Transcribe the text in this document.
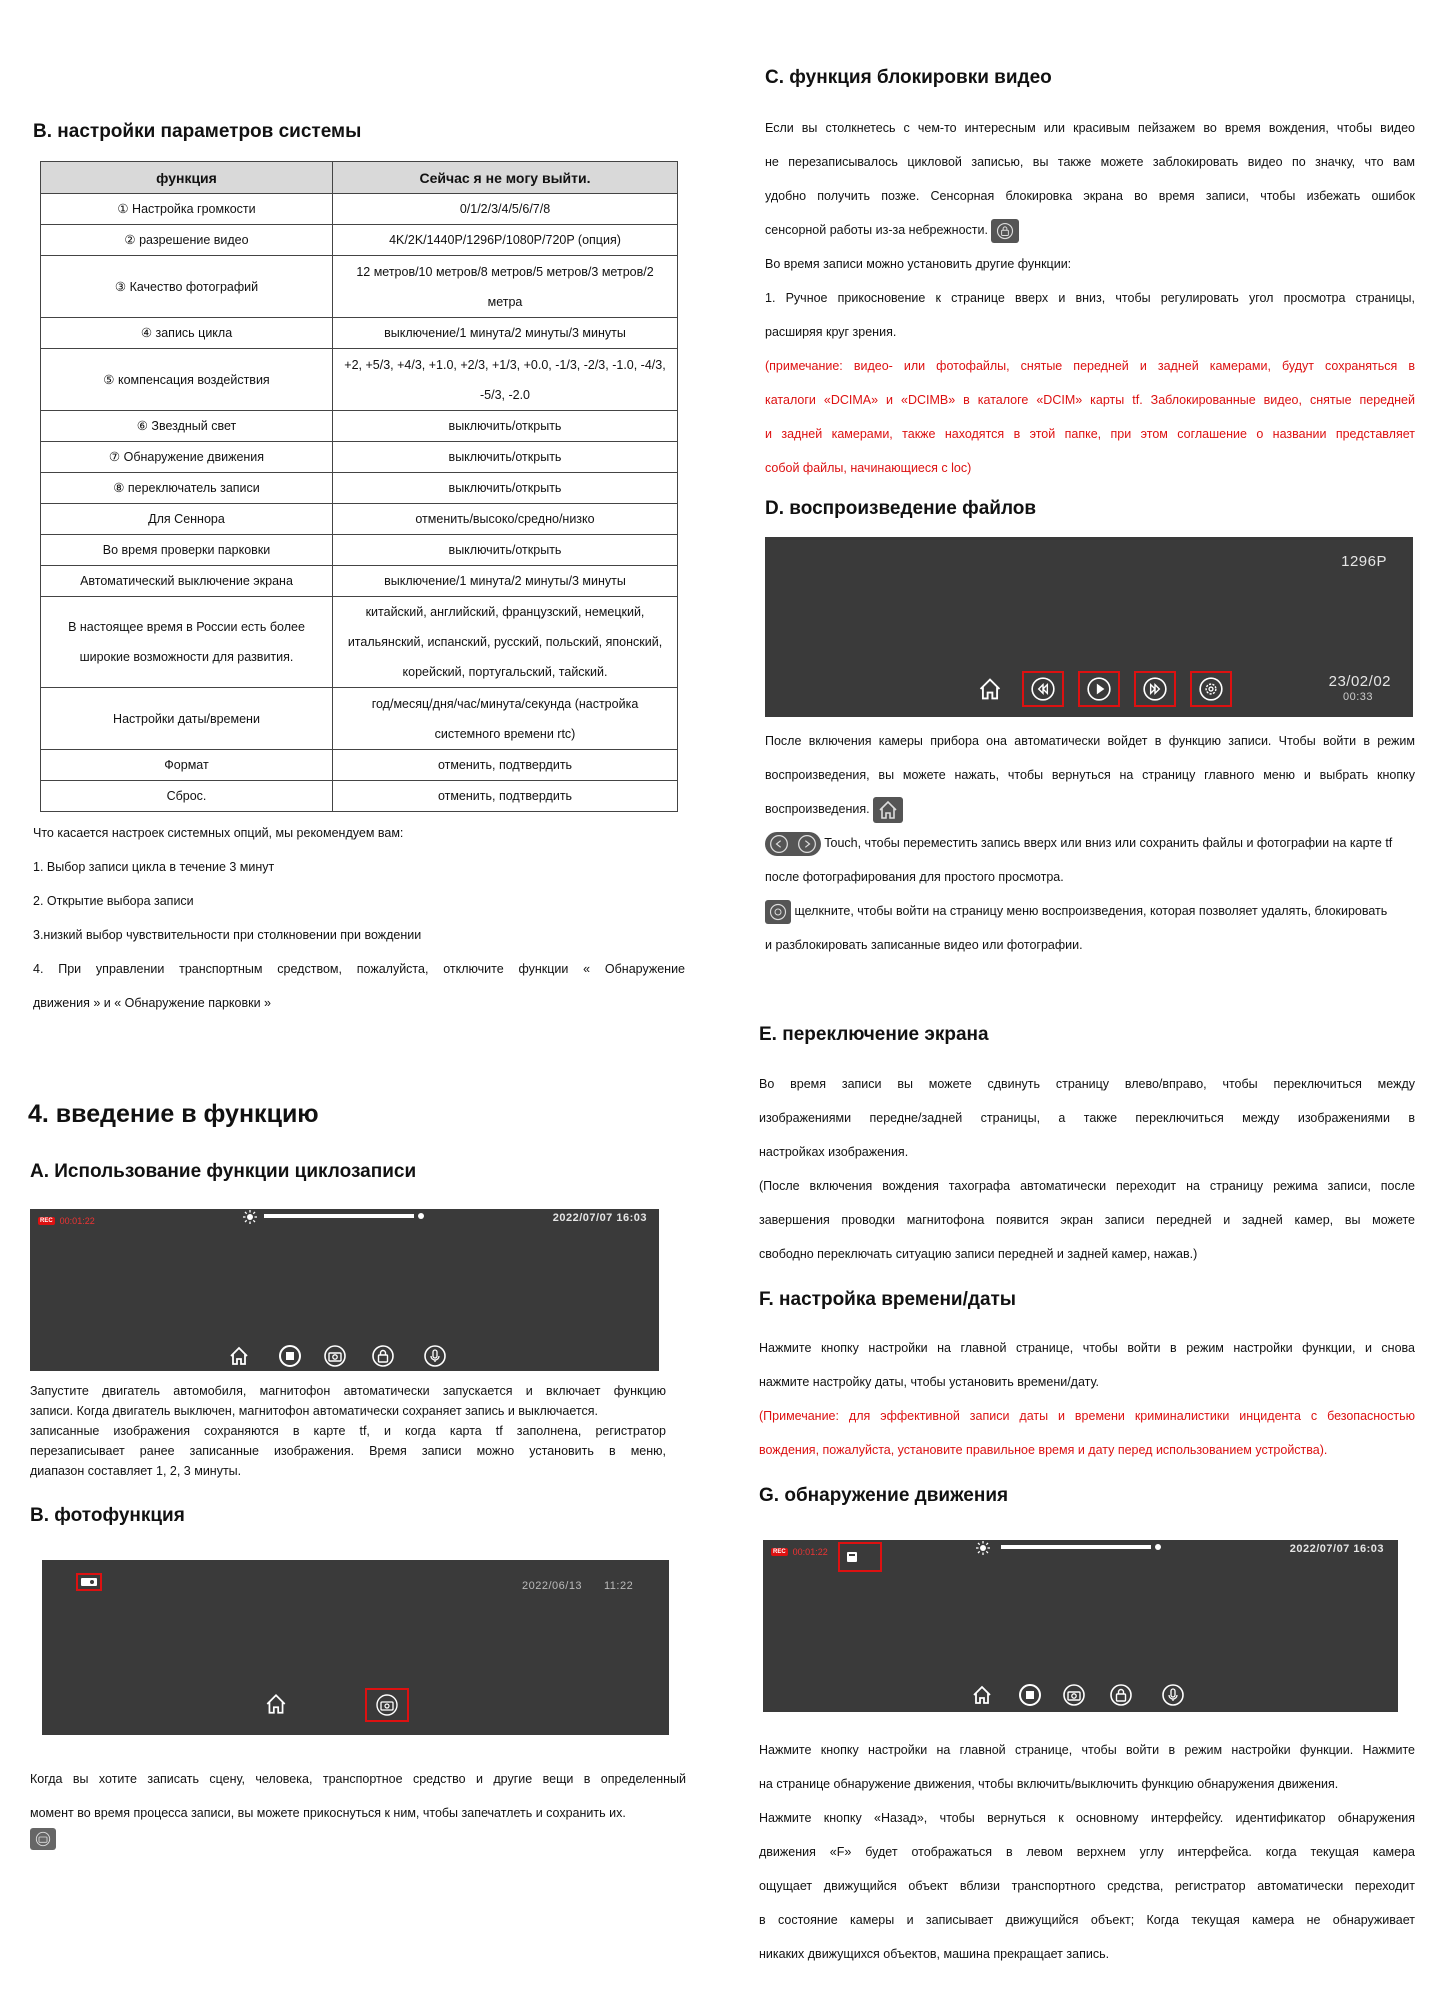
B. настройки параметров системы
функция	Сейчас я не могу выйти.
① Настройка громкости	0/1/2/3/4/5/6/7/8
② разрешение видео	4K/2K/1440P/1296P/1080P/720P (опция)
③ Качество фотографий	12 метров/10 метров/8 метров/5 метров/3 метров/2 метра
④ запись цикла	выключение/1 минута/2 минуты/3 минуты
⑤ компенсация воздействия	+2, +5/3, +4/3, +1.0, +2/3, +1/3, +0.0, -1/3, -2/3, -1.0, -4/3, -5/3, -2.0
⑥ Звездный свет	выключить/открыть
⑦ Обнаружение движения	выключить/открыть
⑧ переключатель записи	выключить/открыть
Для Сеннора	отменить/высоко/средно/низко
Во время проверки парковки	выключить/открыть
Автоматический выключение экрана	выключение/1 минута/2 минуты/3 минуты
В настоящее время в России есть более широкие возможности для развития.	китайский, английский, французский, немецкий, итальянский, испанский, русский, польский, японский, корейский, португальский, тайский.
Настройки даты/времени	год/месяц/дня/час/минута/секунда (настройка системного времени rtc)
Формат	отменить, подтвердить
Сброс.	отменить, подтвердить
Что касается настроек системных опций, мы рекомендуем вам:
1. Выбор записи цикла в течение 3 минут
2. Открытие выбора записи
3.низкий выбор чувствительности при столкновении при вождении
4. При управлении транспортным средством, пожалуйста, отключите функции « Обнаружение
движения » и « Обнаружение парковки »
4. введение в функцию
A. Использование функции циклозаписи
REC 00:01:22	2022/07/07 16:03
Запустите двигатель автомобиля, магнитофон автоматически запускается и включает функцию
записи. Когда двигатель выключен, магнитофон автоматически сохраняет запись и выключается.
записанные изображения сохраняются в карте tf, и когда карта tf заполнена, регистратор
перезаписывает ранее записанные изображения. Время записи можно установить в меню,
диапазон составляет 1, 2, 3 минуты.
B. фотофункция
2022/06/13 11:22
Когда вы хотите записать сцену, человека, транспортное средство и другие вещи в определенный
момент во время процесса записи, вы можете прикоснуться к ним, чтобы запечатлеть и сохранить их.
C. функция блокировки видео
Если вы столкнетесь с чем-то интересным или красивым пейзажем во время вождения, чтобы видео
не перезаписывалось цикловой записью, вы также можете заблокировать видео по значку, что вам
удобно получить позже. Сенсорная блокировка экрана во время записи, чтобы избежать ошибок
сенсорной работы из-за небрежности.
Во время записи можно установить другие функции:
1. Ручное прикосновение к странице вверх и вниз, чтобы регулировать угол просмотра страницы,
расширяя круг зрения.
(примечание: видео- или фотофайлы, снятые передней и задней камерами, будут сохраняться в
каталоги «DCIMA» и «DCIMB» в каталоге «DCIM» карты tf. Заблокированные видео, снятые передней
и задней камерами, также находятся в этой папке, при этом соглашение о названии представляет
собой файлы, начинающиеся с loc)
D. воспроизведение файлов
1296P
23/02/02
00:33
После включения камеры прибора она автоматически войдет в функцию записи. Чтобы войти в режим
воспроизведения, вы можете нажать, чтобы вернуться на страницу главного меню и выбрать кнопку
воспроизведения.
Touch, чтобы переместить запись вверх или вниз или сохранить файлы и фотографии на карте tf
после фотографирования для простого просмотра.
щелкните, чтобы войти на страницу меню воспроизведения, которая позволяет удалять, блокировать
и разблокировать записанные видео или фотографии.
E. переключение экрана
Во время записи вы можете сдвинуть страницу влево/вправо, чтобы переключиться между
изображениями передне/задней страницы, а также переключиться между изображениями в
настройках изображения.
(После включения вождения тахографа автоматически переходит на страницу режима записи, после
завершения проводки магнитофона появится экран записи передней и задней камер, вы можете
свободно переключать ситуацию записи передней и задней камер, нажав.)
F. настройка времени/даты
Нажмите кнопку настройки на главной странице, чтобы войти в режим настройки функции, и снова
нажмите настройку даты, чтобы установить времени/дату.
(Примечание: для эффективной записи даты и времени криминалистики инцидента с безопасностью
вождения, пожалуйста, установите правильное время и дату перед использованием устройства).
G. обнаружение движения
REC 00:01:22	2022/07/07 16:03
Нажмите кнопку настройки на главной странице, чтобы войти в режим настройки функции. Нажмите
на странице обнаружение движения, чтобы включить/выключить функцию обнаружения движения.
Нажмите кнопку «Назад», чтобы вернуться к основному интерфейсу. идентификатор обнаружения
движения «F» будет отображаться в левом верхнем углу интерфейса. когда текущая камера
ощущает движущийся объект вблизи транспортного средства, регистратор автоматически переходит
в состояние камеры и записывает движущийся объект; Когда текущая камера не обнаруживает
никаких движущихся объектов, машина прекращает запись.
